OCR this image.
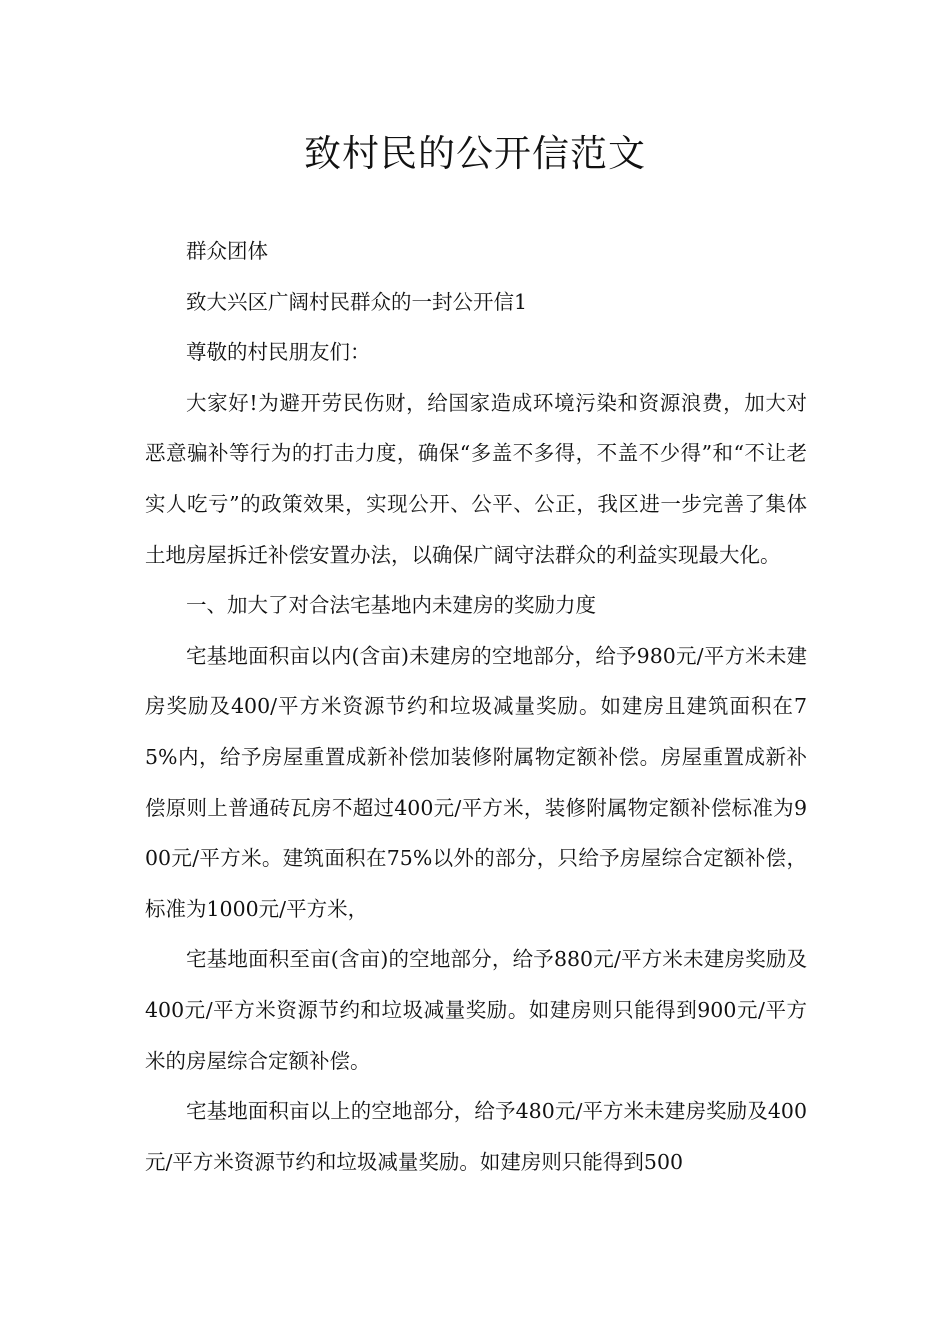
致村民的公开信范文

群众团体

致大兴区广阔村民群众的一封公开信1

尊敬的村民朋友们：

大家好!为避开劳民伤财，给国家造成环境污染和资源浪费，加大对恶意骗补等行为的打击力度，确保“多盖不多得，不盖不少得”和“不让老实人吃亏”的政策效果，实现公开、公平、公正，我区进一步完善了集体土地房屋拆迁补偿安置办法，以确保广阔守法群众的利益实现最大化。

一、加大了对合法宅基地内未建房的奖励力度

宅基地面积亩以内(含亩)未建房的空地部分，给予980元/平方米未建房奖励及400/平方米资源节约和垃圾减量奖励。如建房且建筑面积在75%内，给予房屋重置成新补偿加装修附属物定额补偿。房屋重置成新补偿原则上普通砖瓦房不超过400元/平方米，装修附属物定额补偿标准为900元/平方米。建筑面积在75%以外的部分，只给予房屋综合定额补偿，标准为1000元/平方米，

宅基地面积至亩(含亩)的空地部分，给予880元/平方米未建房奖励及400元/平方米资源节约和垃圾减量奖励。如建房则只能得到900元/平方米的房屋综合定额补偿。

宅基地面积亩以上的空地部分，给予480元/平方米未建房奖励及400元/平方米资源节约和垃圾减量奖励。如建房则只能得到500
